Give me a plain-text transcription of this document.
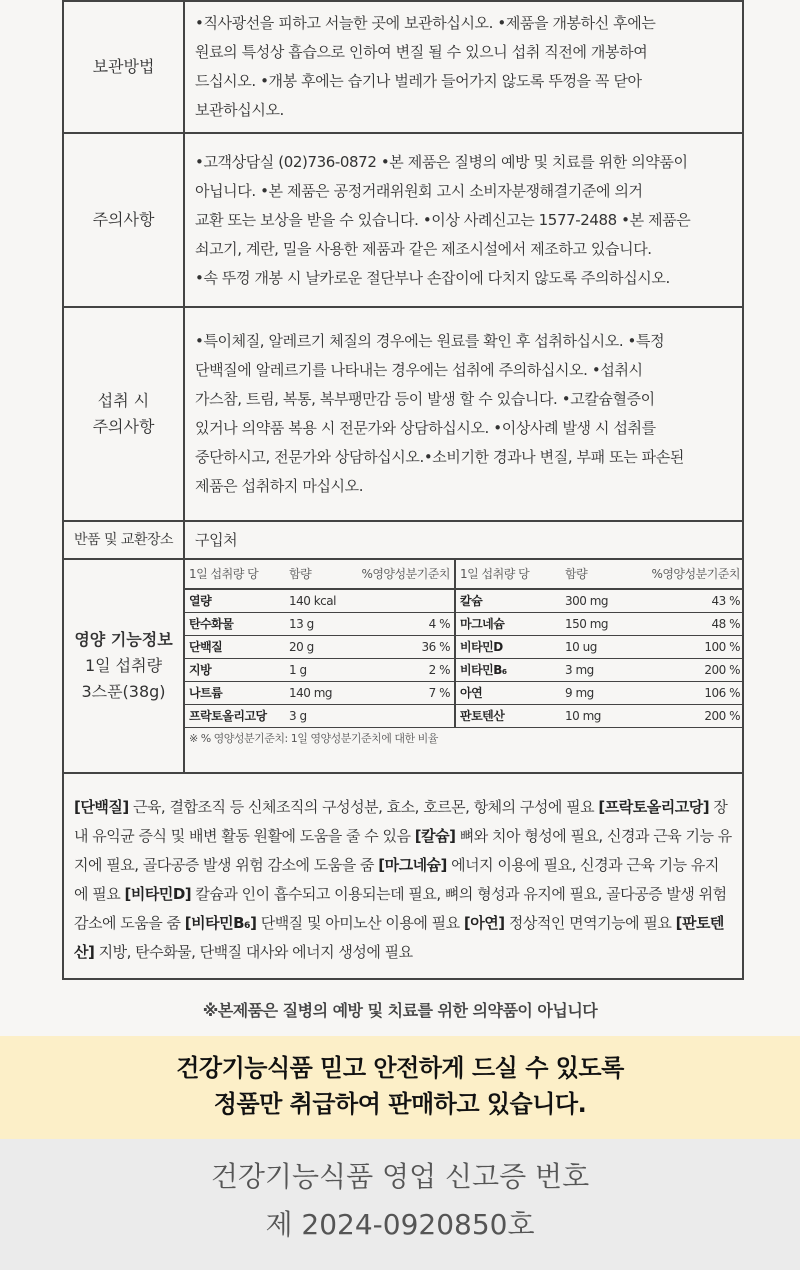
보관방법	
•직사광선을 피하고 서늘한 곳에 보관하십시오. •제품을 개봉하신 후에는
원료의 특성상 흡습으로 인하여 변질 될 수 있으니 섭취 직전에 개봉하여
드십시오. •개봉 후에는 습기나 벌레가 들어가지 않도록 뚜껑을 꼭 닫아
보관하십시오.

주의사항	
•고객상담실 (02)736-0872 •본 제품은 질병의 예방 및 치료를 위한 의약품이
아닙니다. •본 제품은 공정거래위원회 고시 소비자분쟁해결기준에 의거
교환 또는 보상을 받을 수 있습니다. •이상 사례신고는 1577-2488 •본 제품은
쇠고기, 계란, 밀을 사용한 제품과 같은 제조시설에서 제조하고 있습니다.
•속 뚜껑 개봉 시 날카로운 절단부나 손잡이에 다치지 않도록 주의하십시오.

섭취 시
주의사항

•특이체질, 알레르기 체질의 경우에는 원료를 확인 후 섭취하십시오. •특정
단백질에 알레르기를 나타내는 경우에는 섭취에 주의하십시오. •섭취시
가스참, 트림, 복통, 복부팽만감 등이 발생 할 수 있습니다. •고칼슘혈증이
있거나 의약품 복용 시 전문가와 상담하십시오. •이상사례 발생 시 섭취를
중단하시고, 전문가와 상담하십시오.•소비기한 경과나 변질, 부패 또는 파손된
제품은 섭취하지 마십시오.

반품 및 교환장소	구입처

영양 기능정보
1일 섭취량
3스푼(38g)

1일 섭취량 당	함량	%영양성분기준치	1일 섭취량 당	함량	%영양성분기준치
열량	140 kcal		칼슘	300 mg	43 %
탄수화물	13 g	4 %	마그네슘	150 mg	48 %
단백질	20 g	36 %	비타민D	10 ug	100 %
지방	1 g	2 %	비타민B₆	3 mg	200 %
나트륨	140 mg	7 %	아연	9 mg	106 %
프락토올리고당	3 g		판토텐산	10 mg	200 %
※ % 영양성분기준치: 1일 영양성분기준치에 대한 비율

[단백질] 근육, 결합조직 등 신체조직의 구성성분, 효소, 호르몬, 항체의 구성에 필요 [프락토올리고당] 장내 유익균 증식 및 배변 활동 원활에 도움을 줄 수 있음 [칼슘] 뼈와 치아 형성에 필요, 신경과 근육 기능 유지에 필요, 골다공증 발생 위험 감소에 도움을 줌 [마그네슘] 에너지 이용에 필요, 신경과 근육 기능 유지에 필요 [비타민D] 칼슘과 인이 흡수되고 이용되는데 필요, 뼈의 형성과 유지에 필요, 골다공증 발생 위험 감소에 도움을 줌 [비타민B₆] 단백질 및 아미노산 이용에 필요 [아연] 정상적인 면역기능에 필요 [판토텐산] 지방, 탄수화물, 단백질 대사와 에너지 생성에 필요
※본제품은 질병의 예방 및 치료를 위한 의약품이 아닙니다
건강기능식품 믿고 안전하게 드실 수 있도록
정품만 취급하여 판매하고 있습니다.
건강기능식품 영업 신고증 번호
제 2024-0920850호
